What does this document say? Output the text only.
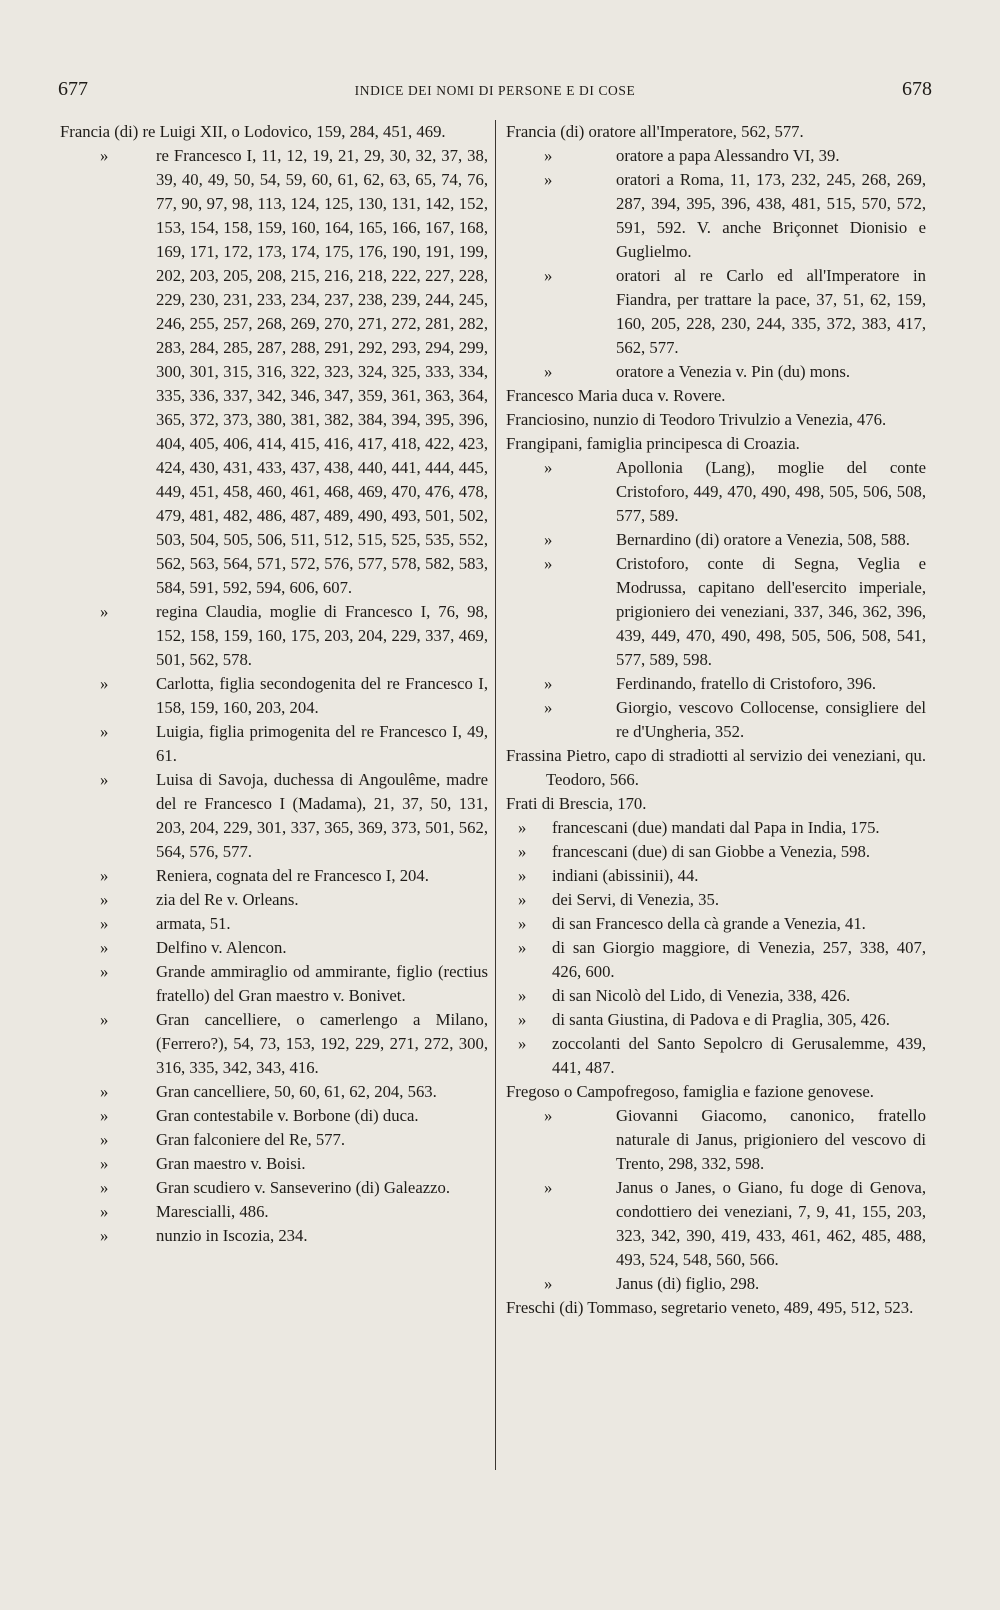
677	INDICE DEI NOMI DI PERSONE E DI COSE	678
Francia (di) re Luigi XII, o Lodovico, 159, 284, 451, 469.
»	re Francesco I, 11, 12, 19, 21, 29, 30, 32, 37, 38, 39, 40, 49, 50, 54, 59, 60, 61, 62, 63, 65, 74, 76, 77, 90, 97, 98, 113, 124, 125, 130, 131, 142, 152, 153, 154, 158, 159, 160, 164, 165, 166, 167, 168, 169, 171, 172, 173, 174, 175, 176, 190, 191, 199, 202, 203, 205, 208, 215, 216, 218, 222, 227, 228, 229, 230, 231, 233, 234, 237, 238, 239, 244, 245, 246, 255, 257, 268, 269, 270, 271, 272, 281, 282, 283, 284, 285, 287, 288, 291, 292, 293, 294, 299, 300, 301, 315, 316, 322, 323, 324, 325, 333, 334, 335, 336, 337, 342, 346, 347, 359, 361, 363, 364, 365, 372, 373, 380, 381, 382, 384, 394, 395, 396, 404, 405, 406, 414, 415, 416, 417, 418, 422, 423, 424, 430, 431, 433, 437, 438, 440, 441, 444, 445, 449, 451, 458, 460, 461, 468, 469, 470, 476, 478, 479, 481, 482, 486, 487, 489, 490, 493, 501, 502, 503, 504, 505, 506, 511, 512, 515, 525, 535, 552, 562, 563, 564, 571, 572, 576, 577, 578, 582, 583, 584, 591, 592, 594, 606, 607.
»	regina Claudia, moglie di Francesco I, 76, 98, 152, 158, 159, 160, 175, 203, 204, 229, 337, 469, 501, 562, 578.
»	Carlotta, figlia secondogenita del re Francesco I, 158, 159, 160, 203, 204.
»	Luigia, figlia primogenita del re Francesco I, 49, 61.
»	Luisa di Savoja, duchessa di Angoulême, madre del re Francesco I (Madama), 21, 37, 50, 131, 203, 204, 229, 301, 337, 365, 369, 373, 501, 562, 564, 576, 577.
»	Reniera, cognata del re Francesco I, 204.
»	zia del Re v. Orleans.
»	armata, 51.
»	Delfino v. Alencon.
»	Grande ammiraglio od ammirante, figlio (rectius fratello) del Gran maestro v. Bonivet.
»	Gran cancelliere, o camerlengo a Milano, (Ferrero?), 54, 73, 153, 192, 229, 271, 272, 300, 316, 335, 342, 343, 416.
»	Gran cancelliere, 50, 60, 61, 62, 204, 563.
»	Gran contestabile v. Borbone (di) duca.
»	Gran falconiere del Re, 577.
»	Gran maestro v. Boisi.
»	Gran scudiero v. Sanseverino (di) Galeazzo.
»	Marescialli, 486.
»	nunzio in Iscozia, 234.
Francia (di) oratore all'Imperatore, 562, 577.
»	oratore a papa Alessandro VI, 39.
»	oratori a Roma, 11, 173, 232, 245, 268, 269, 287, 394, 395, 396, 438, 481, 515, 570, 572, 591, 592. V. anche Briçonnet Dionisio e Guglielmo.
»	oratori al re Carlo ed all'Imperatore in Fiandra, per trattare la pace, 37, 51, 62, 159, 160, 205, 228, 230, 244, 335, 372, 383, 417, 562, 577.
»	oratore a Venezia v. Pin (du) mons.
Francesco Maria duca v. Rovere.
Franciosino, nunzio di Teodoro Trivulzio a Venezia, 476.
Frangipani, famiglia principesca di Croazia.
»	Apollonia (Lang), moglie del conte Cristoforo, 449, 470, 490, 498, 505, 506, 508, 577, 589.
»	Bernardino (di) oratore a Venezia, 508, 588.
»	Cristoforo, conte di Segna, Veglia e Modrussa, capitano dell'esercito imperiale, prigioniero dei veneziani, 337, 346, 362, 396, 439, 449, 470, 490, 498, 505, 506, 508, 541, 577, 589, 598.
»	Ferdinando, fratello di Cristoforo, 396.
»	Giorgio, vescovo Collocense, consigliere del re d'Ungheria, 352.
Frassina Pietro, capo di stradiotti al servizio dei veneziani, qu. Teodoro, 566.
Frati di Brescia, 170.
» francescani (due) mandati dal Papa in India, 175.
» francescani (due) di san Giobbe a Venezia, 598.
» indiani (abissinii), 44.
» dei Servi, di Venezia, 35.
» di san Francesco della cà grande a Venezia, 41.
» di san Giorgio maggiore, di Venezia, 257, 338, 407, 426, 600.
» di san Nicolò del Lido, di Venezia, 338, 426.
» di santa Giustina, di Padova e di Praglia, 305, 426.
» zoccolanti del Santo Sepolcro di Gerusalemme, 439, 441, 487.
Fregoso o Campofregoso, famiglia e fazione genovese.
»	Giovanni Giacomo, canonico, fratello naturale di Janus, prigioniero del vescovo di Trento, 298, 332, 598.
»	Janus o Janes, o Giano, fu doge di Genova, condottiero dei veneziani, 7, 9, 41, 155, 203, 323, 342, 390, 419, 433, 461, 462, 485, 488, 493, 524, 548, 560, 566.
»	Janus (di) figlio, 298.
Freschi (di) Tommaso, segretario veneto, 489, 495, 512, 523.
